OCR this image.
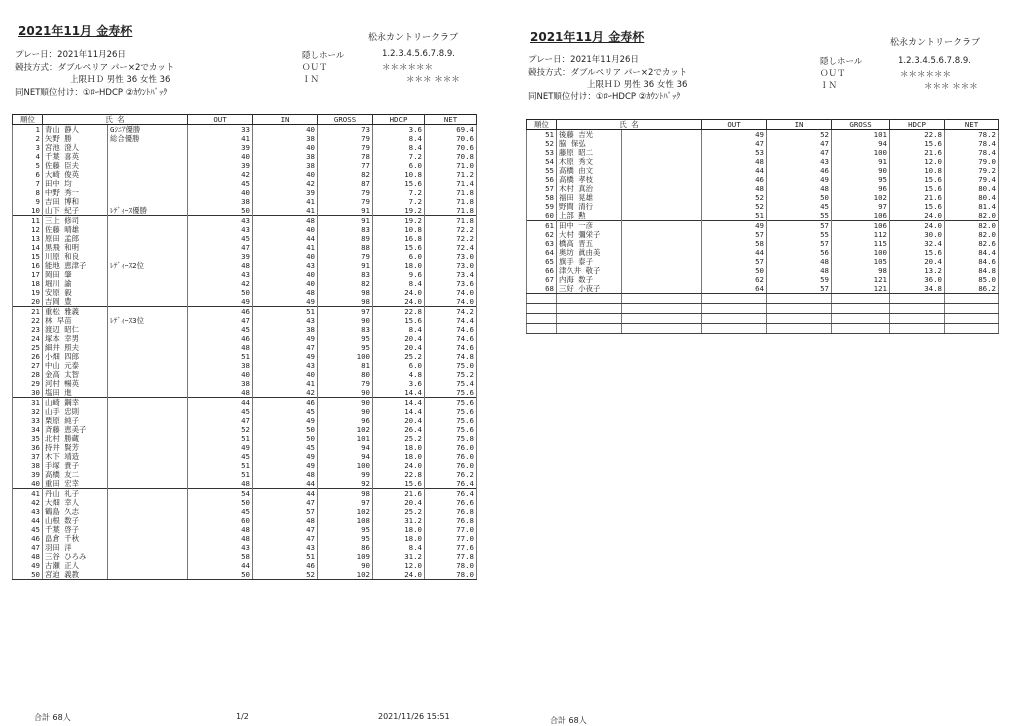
2021年11月 金寿杯	松永カントリークラブ
プレー日：2021年11月26日
競技方式：ダブルペリア パー×2でカット
上限ＨＤ 男性 36 女性 36
同NET順位付け：①ﾛｰHDCP ②ｶｳﾝﾄﾊﾞｯｸ
隠しホール	1.2.3.4.5.6.7.8.9.
ＯＵＴ	＊＊＊＊＊＊
ＩＮ	＊＊＊ ＊＊＊
順位	氏 名		OUT	IN	GROSS	HDCP	NET
1	青山 静人	Gｼﾆｱ優勝	33	40	73	3.6	69.4
2	矢野 勝	総合優勝	41	38	79	8.4	70.6
3	宮池 澄人		39	40	79	8.4	70.6
4	千葉 喜英		40	38	78	7.2	70.8
5	佐藤 臣夫		39	38	77	6.0	71.0
6	大崎 俊英		42	40	82	10.8	71.2
7	田中 均		45	42	87	15.6	71.4
8	中野 秀一		40	39	79	7.2	71.8
9	吉田 博和		38	41	79	7.2	71.8
10	山下 紀子	ﾚﾃﾞｨｰｽ優勝	50	41	91	19.2	71.8
11	三上 修司		43	48	91	19.2	71.8
12	佐藤 晴雄		43	40	83	10.8	72.2
13	原田 孟郎		45	44	89	16.8	72.2
14	黒飛 和明		47	41	88	15.6	72.4
15	川原 和良		39	40	79	6.0	73.0
16	能地 恵津子	ﾚﾃﾞｨｰｽ2位	48	43	91	18.0	73.0
17	岡田 肇		43	40	83	9.6	73.4
18	堀川 諭		42	40	82	8.4	73.6
19	安原 毅		50	48	98	24.0	74.0
20	吉岡 豊		49	49	98	24.0	74.0
21	重松 雅義		46	51	97	22.8	74.2
22	林 早苗	ﾚﾃﾞｨｰｽ3位	47	43	90	15.6	74.4
23	渡辺 昭仁		45	38	83	8.4	74.6
24	塚本 幸男		46	49	95	20.4	74.6
25	細井 照夫		48	47	95	20.4	74.6
26	小畑 四郎		51	49	100	25.2	74.8
27	中山 元泰		38	43	81	6.0	75.0
28	金高 太智		40	40	80	4.8	75.2
29	河村 暢英		38	41	79	3.6	75.4
30	塩田 進		48	42	90	14.4	75.6
31	山崎 鋼幸		44	46	90	14.4	75.6
32	山手 忠則		45	45	90	14.4	75.6
33	栗原 純子		47	49	96	20.4	75.6
34	斉藤 恵美子		52	50	102	26.4	75.6
35	北村 勝蔵		51	50	101	25.2	75.8
36	持井 賢芳		49	45	94	18.0	76.0
37	木下 靖造		45	49	94	18.0	76.0
38	手塚 貴子		51	49	100	24.0	76.0
39	高橋 友二		51	48	99	22.8	76.2
40	重田 宏幸		48	44	92	15.6	76.4
41	丹山 礼子		54	44	98	21.6	76.4
42	大畑 幸人		50	47	97	20.4	76.6
43	鶴島 久志		45	57	102	25.2	76.8
44	山根 数子		60	48	108	31.2	76.8
45	千葉 啓子		48	47	95	18.0	77.0
46	畠倉 千秋		48	47	95	18.0	77.0
47	羽田 洋		43	43	86	8.4	77.6
48	三谷 ひろみ		58	51	109	31.2	77.8
49	古瀬 正人		44	46	90	12.0	78.0
50	宮迫 義教		50	52	102	24.0	78.0
合計 68人	1/2	2021/11/26 15:51
2021年11月 金寿杯	松永カントリークラブ
プレー日：2021年11月26日
競技方式：ダブルペリア パー×2でカット
上限ＨＤ 男性 36 女性 36
同NET順位付け：①ﾛｰHDCP ②ｶｳﾝﾄﾊﾞｯｸ
隠しホール	1.2.3.4.5.6.7.8.9.
ＯＵＴ	＊＊＊＊＊＊
ＩＮ	＊＊＊ ＊＊＊
順位	氏 名		OUT	IN	GROSS	HDCP	NET
51	後藤 吉光		49	52	101	22.8	78.2
52	脇 保弘		47	47	94	15.6	78.4
53	藤原 昭二		53	47	100	21.6	78.4
54	木原 秀文		48	43	91	12.0	79.0
55	高橋 由文		44	46	90	10.8	79.2
56	高橋 孝枝		46	49	95	15.6	79.4
57	木村 真治		48	48	96	15.6	80.4
58	福田 晃雄		52	50	102	21.6	80.4
59	野間 清行		52	45	97	15.6	81.4
60	上部 勲		51	55	106	24.0	82.0
61	田中 一彦		49	57	106	24.0	82.0
62	大村 彌栄子		57	55	112	30.0	82.0
63	橋高 晋五		58	57	115	32.4	82.6
64	奥坊 眞由美		44	56	100	15.6	84.4
65	旗手 泰子		57	48	105	20.4	84.6
66	津久井 敬子		50	48	98	13.2	84.8
67	内海 数子		62	59	121	36.0	85.0
68	三好 小夜子		64	57	121	34.8	86.2

合計 68人
